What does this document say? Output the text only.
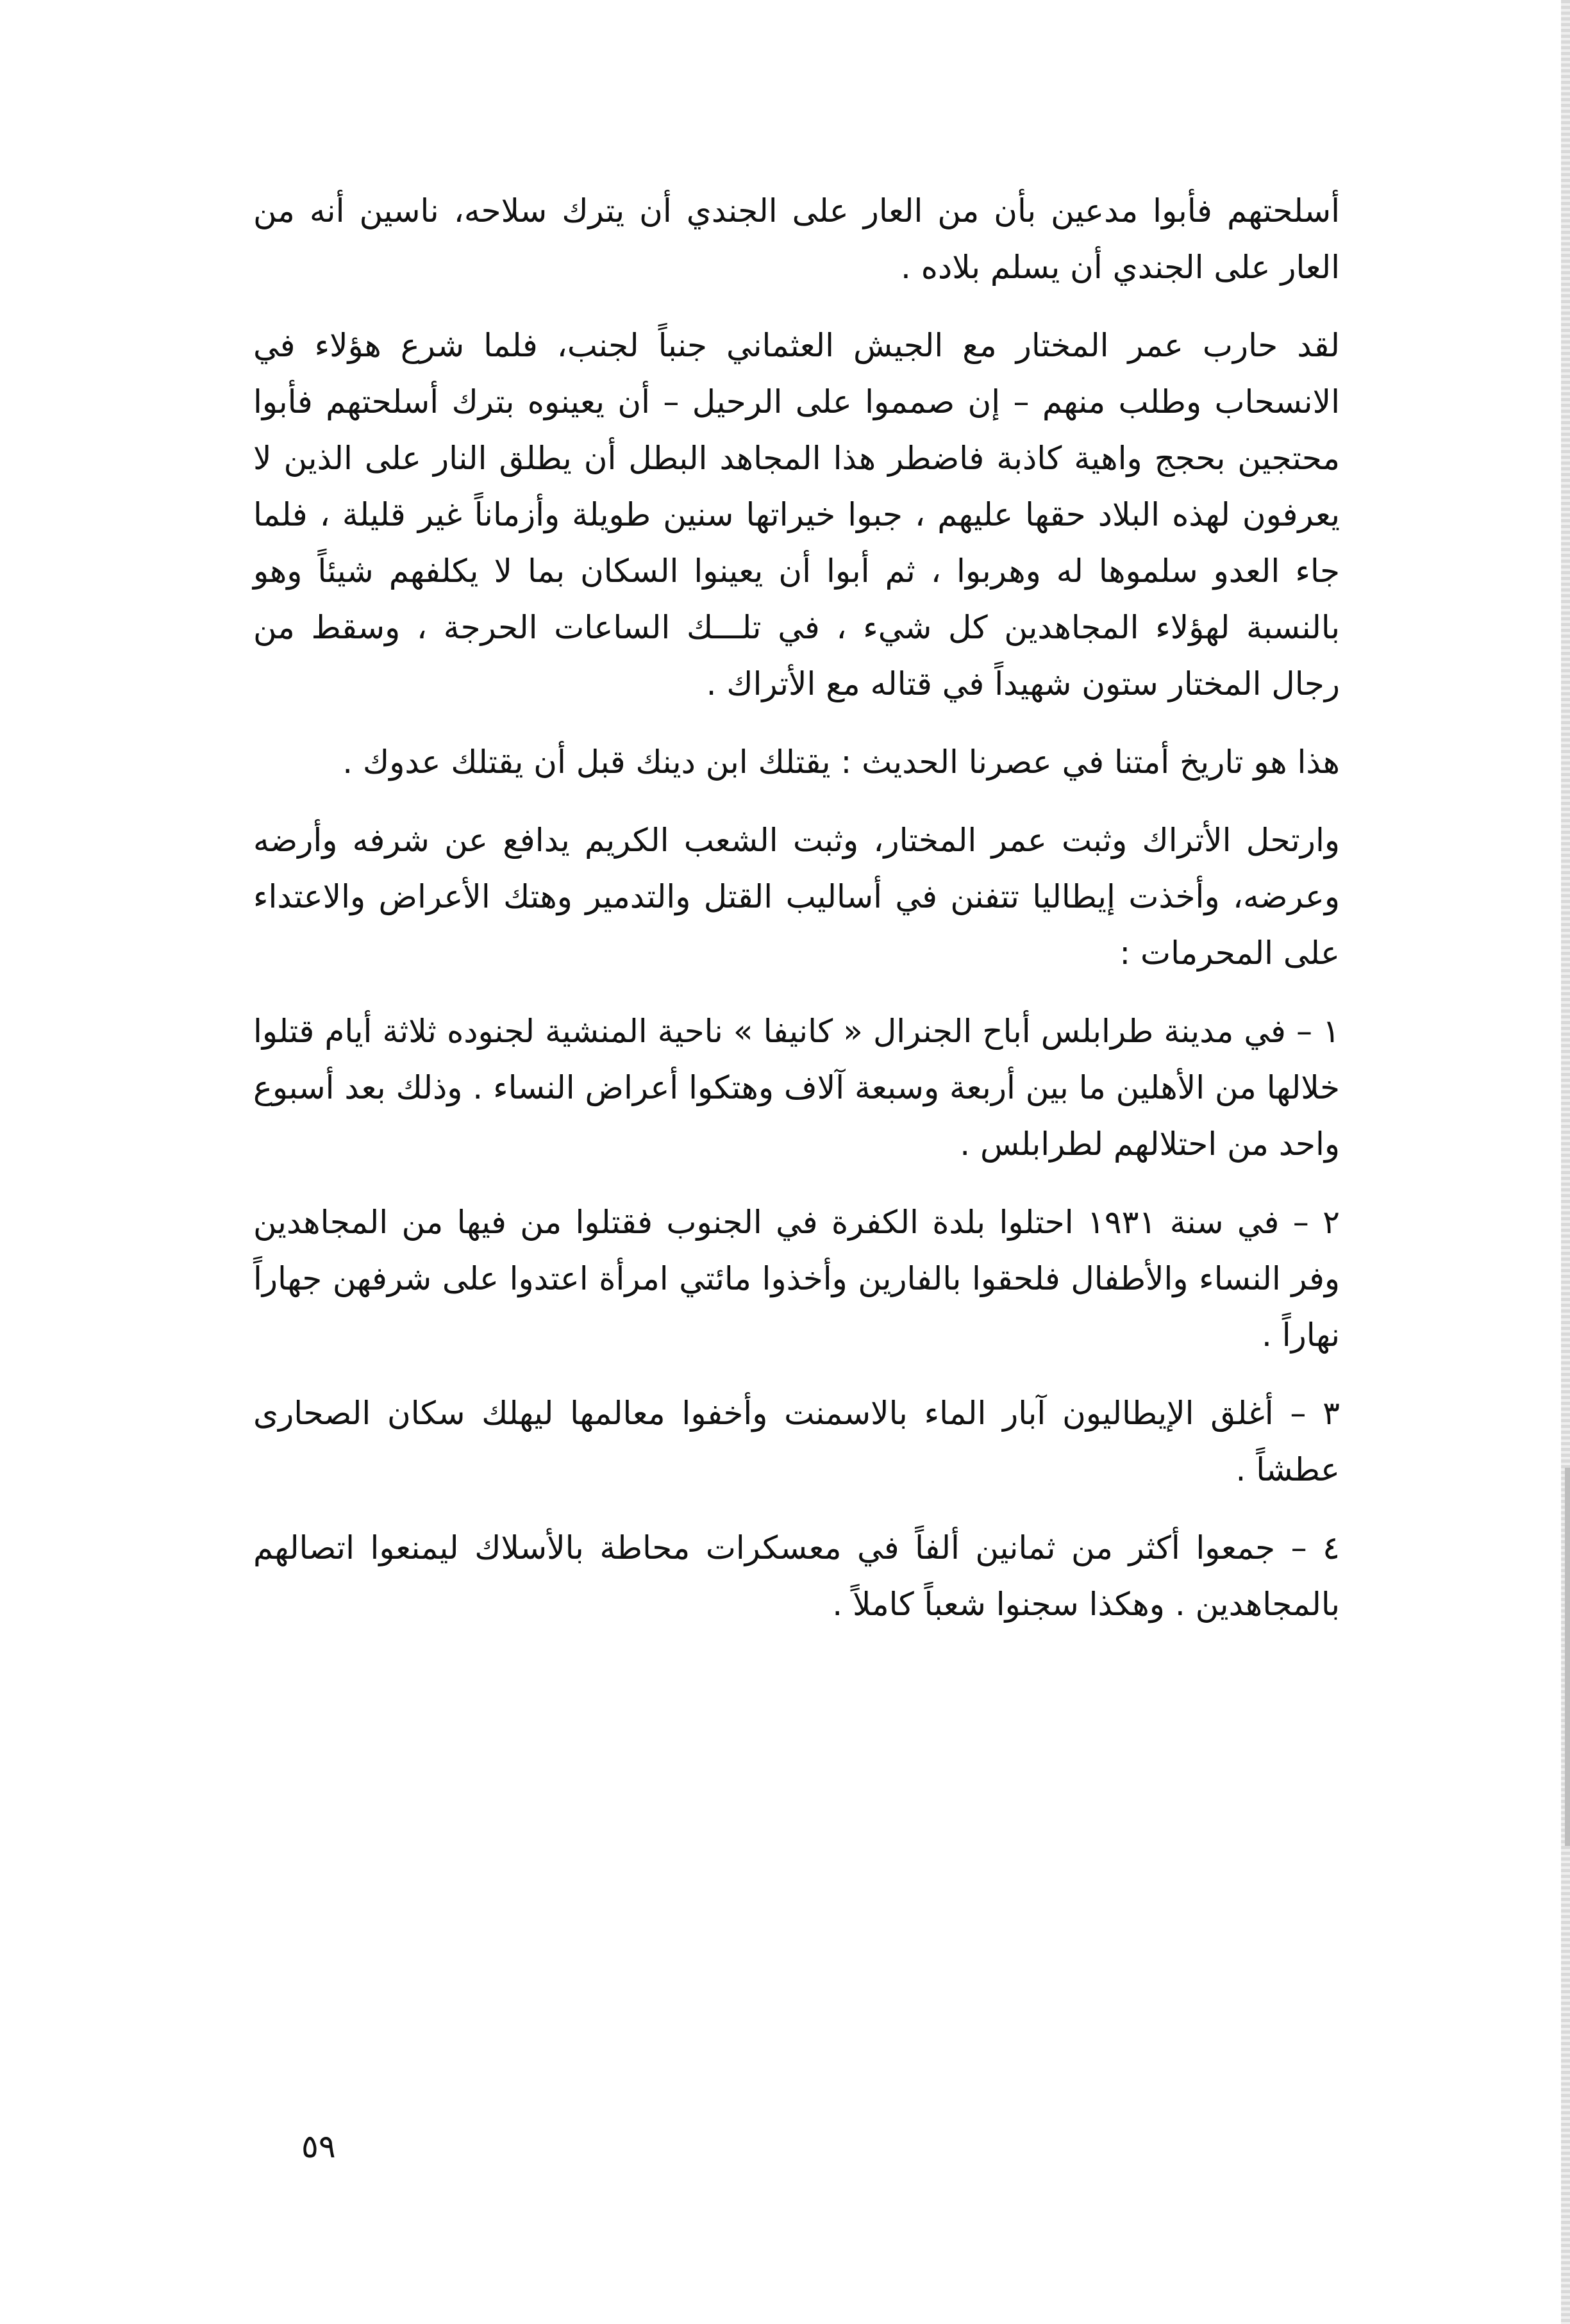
أسلحتهم فأبوا مدعين بأن من العار على الجندي أن يترك سلاحه، ناسين أنه من العار على الجندي أن يسلم بلاده .

لقد حارب عمر المختار مع الجيش العثماني جنباً لجنب، فلما شرع هؤلاء في الانسحاب وطلب منهم – إن صمموا على الرحيل – أن يعينوه بترك أسلحتهم فأبوا محتجين بحجج واهية كاذبة فاضطر هذا المجاهد البطل أن يطلق النار على الذين لا يعرفون لهذه البلاد حقها عليهم ، جبوا خيراتها سنين طويلة وأزماناً غير قليلة ، فلما جاء العدو سلموها له وهربوا ، ثم أبوا أن يعينوا السكان بما لا يكلفهم شيئاً وهو بالنسبة لهؤلاء المجاهدين كل شيء ، في تلـــك الساعات الحرجة ، وسقط من رجال المختار ستون شهيداً في قتاله مع الأتراك .

هذا هو تاريخ أمتنا في عصرنا الحديث : يقتلك ابن دينك قبل أن يقتلك عدوك .

وارتحل الأتراك وثبت عمر المختار، وثبت الشعب الكريم يدافع عن شرفه وأرضه وعرضه، وأخذت إيطاليا تتفنن في أساليب القتل والتدمير وهتك الأعراض والاعتداء على المحرمات :

١ – في مدينة طرابلس أباح الجنرال « كانيفا » ناحية المنشية لجنوده ثلاثة أيام قتلوا خلالها من الأهلين ما بين أربعة وسبعة آلاف وهتكوا أعراض النساء . وذلك بعد أسبوع واحد من احتلالهم لطرابلس .

٢ – في سنة ١٩٣١ احتلوا بلدة الكفرة في الجنوب فقتلوا من فيها من المجاهدين وفر النساء والأطفال فلحقوا بالفارين وأخذوا مائتي امرأة اعتدوا على شرفهن جهاراً نهاراً .

٣ – أغلق الإيطاليون آبار الماء بالاسمنت وأخفوا معالمها ليهلك سكان الصحارى عطشاً .

٤ – جمعوا أكثر من ثمانين ألفاً في معسكرات محاطة بالأسلاك ليمنعوا اتصالهم بالمجاهدين . وهكذا سجنوا شعباً كاملاً .

٥٩
